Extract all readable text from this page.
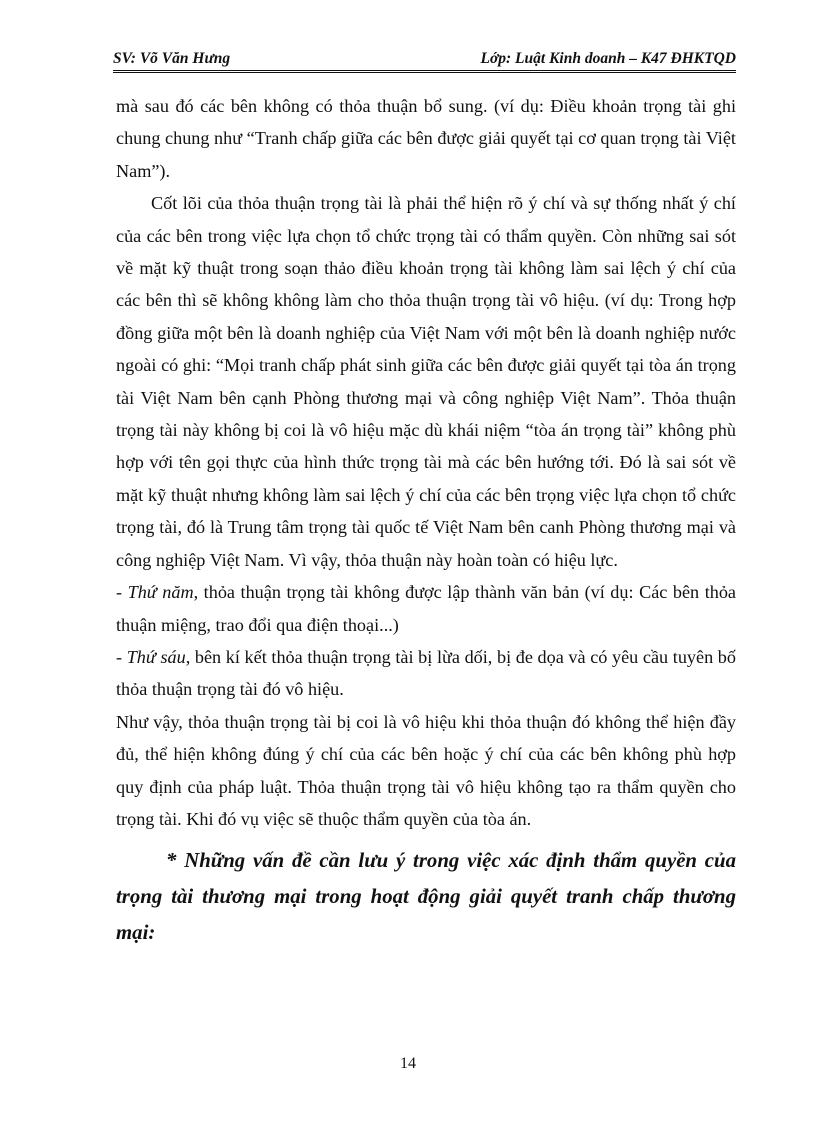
SV: Võ Văn Hưng	Lớp: Luật Kinh doanh – K47 ĐHKTQD

mà sau đó các bên không có thỏa thuận bổ sung. (ví dụ: Điều khoản trọng tài ghi chung chung như “Tranh chấp giữa các bên được giải quyết tại cơ quan trọng tài Việt Nam”).

Cốt lõi của thỏa thuận trọng tài là phải thể hiện rõ ý chí và sự thống nhất ý chí của các bên trong việc lựa chọn tổ chức trọng tài có thẩm quyền. Còn những sai sót về mặt kỹ thuật trong soạn thảo điều khoản trọng tài không làm sai lệch ý chí của các bên thì sẽ không không làm cho thỏa thuận trọng tài vô hiệu. (ví dụ: Trong hợp đồng giữa một bên là doanh nghiệp của Việt Nam với một bên là doanh nghiệp nước ngoài có ghi: “Mọi tranh chấp phát sinh giữa các bên được giải quyết tại tòa án trọng tài Việt Nam bên cạnh Phòng thương mại và công nghiệp Việt Nam”. Thỏa thuận trọng tài này không bị coi là vô hiệu mặc dù khái niệm “tòa án trọng tài” không phù hợp với tên gọi thực của hình thức trọng tài mà các bên hướng tới. Đó là sai sót về mặt kỹ thuật nhưng không làm sai lệch ý chí của các bên trọng việc lựa chọn tổ chức trọng tài, đó là Trung tâm trọng tài quốc tế Việt Nam bên canh Phòng thương mại và công nghiệp Việt Nam. Vì vậy, thỏa thuận này hoàn toàn có hiệu lực.

- Thứ năm, thỏa thuận trọng tài không được lập thành văn bản (ví dụ: Các bên thỏa thuận miệng, trao đổi qua điện thoại...)

- Thứ sáu, bên kí kết thỏa thuận trọng tài bị lừa dối, bị đe dọa và có yêu cầu tuyên bố thỏa thuận trọng tài đó vô hiệu.

Như vậy, thỏa thuận trọng tài bị coi là vô hiệu khi thỏa thuận đó không thể hiện đầy đủ, thể hiện không đúng ý chí của các bên hoặc ý chí của các bên không phù hợp quy định của pháp luật. Thỏa thuận trọng tài vô hiệu không tạo ra thẩm quyền cho trọng tài. Khi đó vụ việc sẽ thuộc thẩm quyền của tòa án.

* Những vấn đề cần lưu ý trong việc xác định thẩm quyền của trọng tài thương mại trong hoạt động giải quyết tranh chấp thương mại:

14
